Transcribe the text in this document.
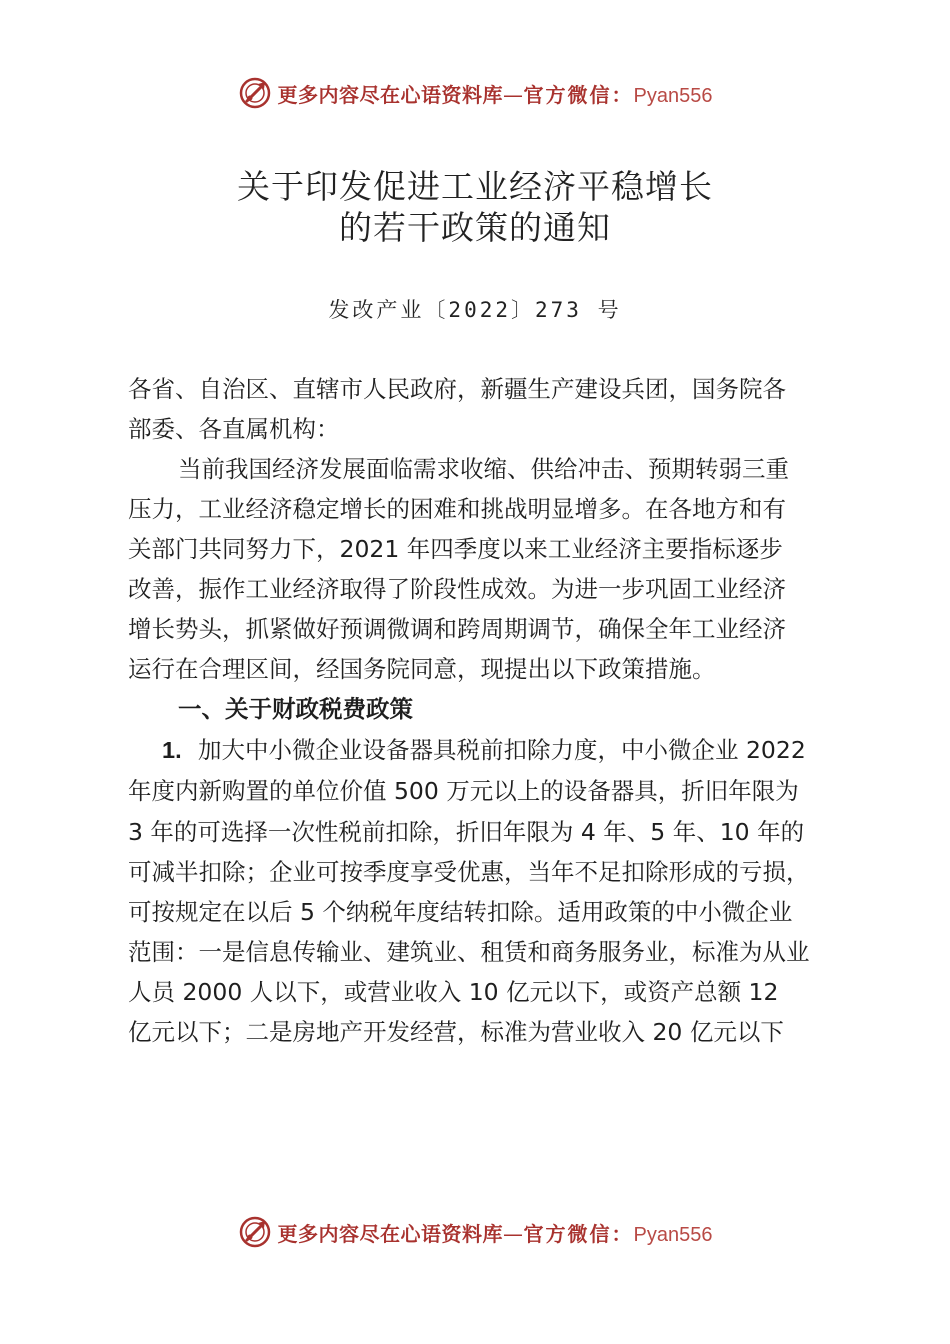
更多内容尽在心语资料库—官方微信：Pyan556
关于印发促进工业经济平稳增长
的若干政策的通知
发改产业〔2022〕273 号
各省、自治区、直辖市人民政府，新疆生产建设兵团，国务院各
部委、各直属机构：
当前我国经济发展面临需求收缩、供给冲击、预期转弱三重
压力，工业经济稳定增长的困难和挑战明显增多。在各地方和有
关部门共同努力下，2021 年四季度以来工业经济主要指标逐步
改善，振作工业经济取得了阶段性成效。为进一步巩固工业经济
增长势头，抓紧做好预调微调和跨周期调节，确保全年工业经济
运行在合理区间，经国务院同意，现提出以下政策措施。
一、关于财政税费政策
1. 加大中小微企业设备器具税前扣除力度，中小微企业 2022
年度内新购置的单位价值 500 万元以上的设备器具，折旧年限为
3 年的可选择一次性税前扣除，折旧年限为 4 年、5 年、10 年的
可减半扣除；企业可按季度享受优惠，当年不足扣除形成的亏损，
可按规定在以后 5 个纳税年度结转扣除。适用政策的中小微企业
范围：一是信息传输业、建筑业、租赁和商务服务业，标准为从业
人员 2000 人以下，或营业收入 10 亿元以下，或资产总额 12
亿元以下；二是房地产开发经营，标准为营业收入 20 亿元以下
更多内容尽在心语资料库—官方微信：Pyan556
